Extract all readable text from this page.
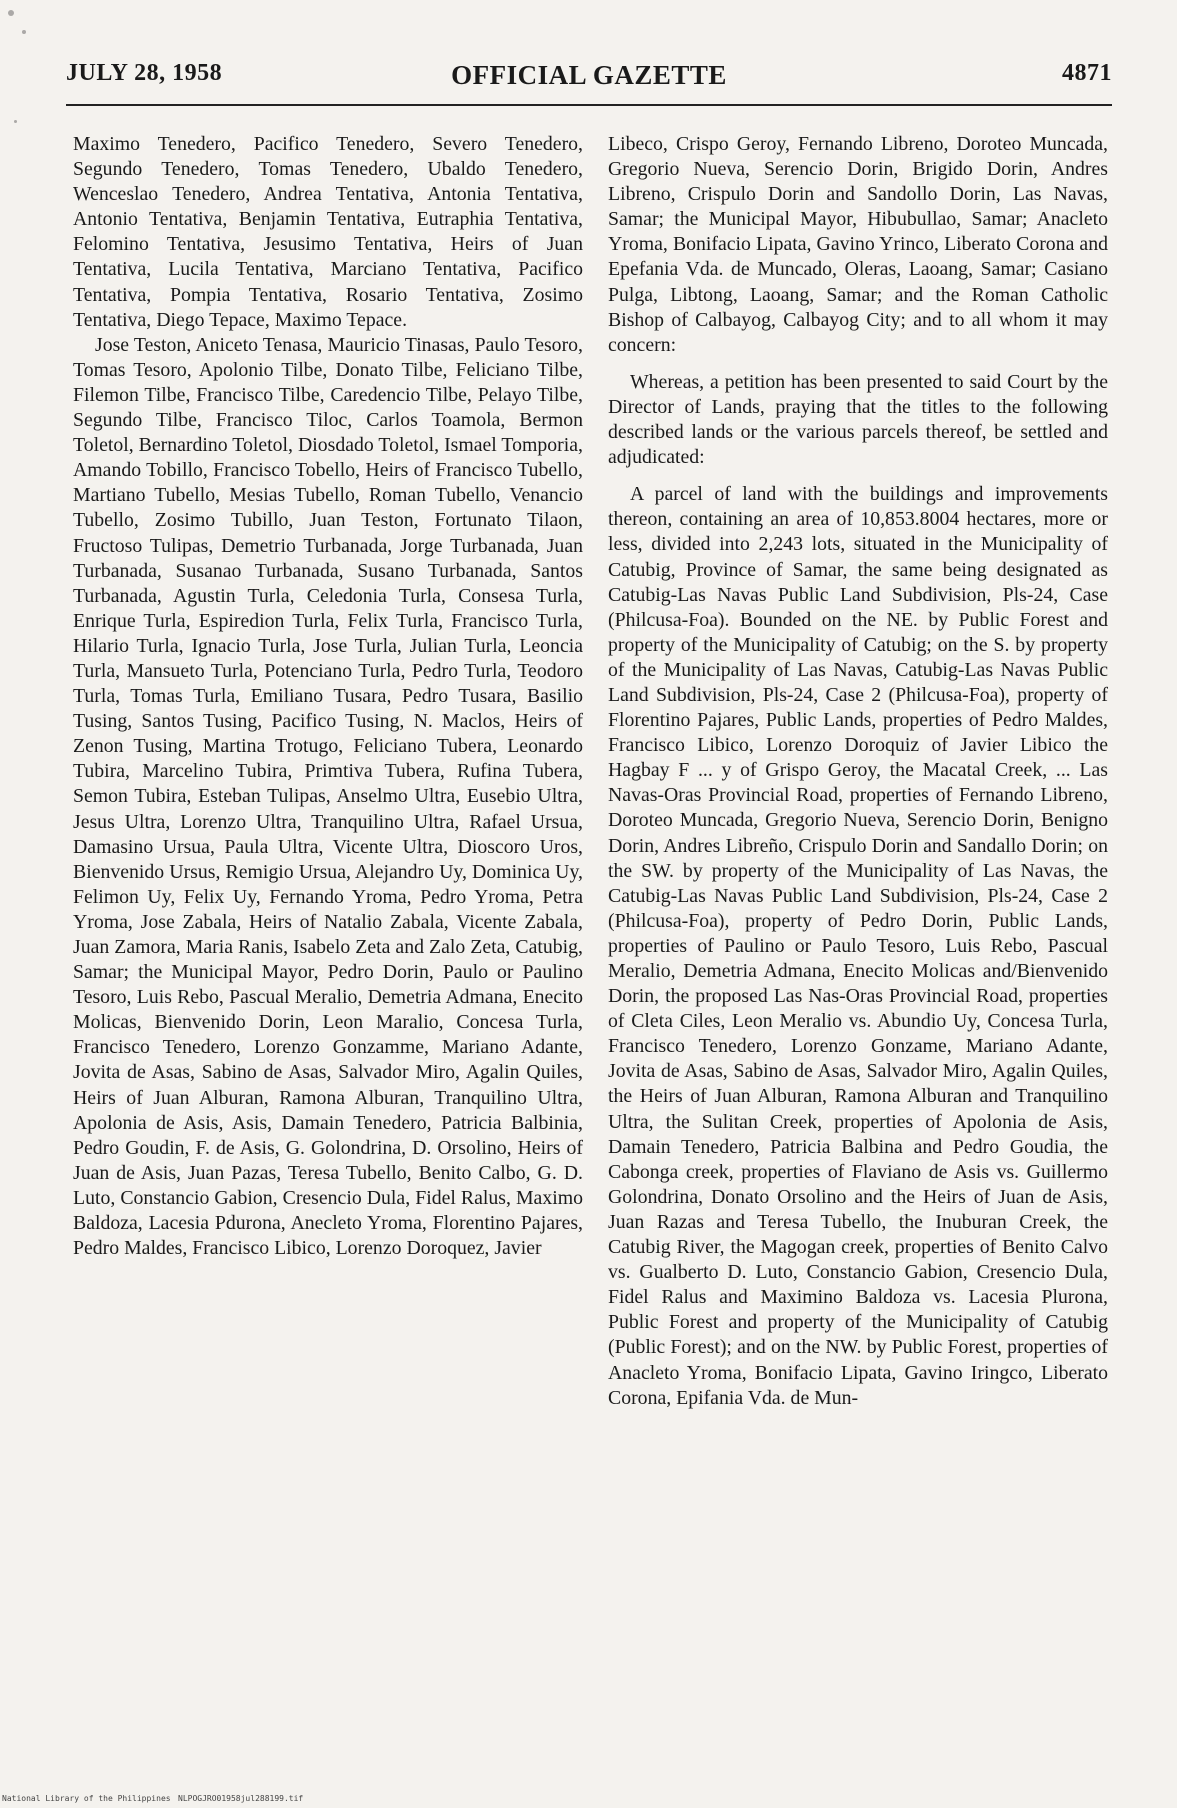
JULY 28, 1958	OFFICIAL GAZETTE	4871

Maximo Tenedero, Pacifico Tenedero, Severo Tenedero, Segundo Tenedero, Tomas Tenedero, Ubaldo Tenedero, Wenceslao Tenedero, Andrea Tentativa, Antonia Tentativa, Antonio Tentativa, Benjamin Tentativa, Eutraphia Tentativa, Felomino Tentativa, Jesusimo Tentativa, Heirs of Juan Tentativa, Lucila Tentativa, Marciano Tentativa, Pacifico Tentativa, Pompia Tentativa, Rosario Tentativa, Zosimo Tentativa, Diego Tepace, Maximo Tepace.

Jose Teston, Aniceto Tenasa, Mauricio Tinasas, Paulo Tesoro, Tomas Tesoro, Apolonio Tilbe, Donato Tilbe, Feliciano Tilbe, Filemon Tilbe, Francisco Tilbe, Caredencio Tilbe, Pelayo Tilbe, Segundo Tilbe, Francisco Tiloc, Carlos Toamola, Bermon Toletol, Bernardino Toletol, Diosdado Toletol, Ismael Tomporia, Amando Tobillo, Francisco Tobello, Heirs of Francisco Tubello, Martiano Tubello, Mesias Tubello, Roman Tubello, Venancio Tubello, Zosimo Tubillo, Juan Teston, Fortunato Tilaon, Fructoso Tulipas, Demetrio Turbanada, Jorge Turbanada, Juan Turbanada, Susanao Turbanada, Susano Turbanada, Santos Turbanada, Agustin Turla, Celedonia Turla, Consesa Turla, Enrique Turla, Espiredion Turla, Felix Turla, Francisco Turla, Hilario Turla, Ignacio Turla, Jose Turla, Julian Turla, Leoncia Turla, Mansueto Turla, Potenciano Turla, Pedro Turla, Teodoro Turla, Tomas Turla, Emiliano Tusara, Pedro Tusara, Basilio Tusing, Santos Tusing, Pacifico Tusing, N. Maclos, Heirs of Zenon Tusing, Martina Trotugo, Feliciano Tubera, Leonardo Tubira, Marcelino Tubira, Primtiva Tubera, Rufina Tubera, Semon Tubira, Esteban Tulipas, Anselmo Ultra, Eusebio Ultra, Jesus Ultra, Lorenzo Ultra, Tranquilino Ultra, Rafael Ursua, Damasino Ursua, Paula Ultra, Vicente Ultra, Dioscoro Uros, Bienvenido Ursus, Remigio Ursua, Alejandro Uy, Dominica Uy, Felimon Uy, Felix Uy, Fernando Yroma, Pedro Yroma, Petra Yroma, Jose Zabala, Heirs of Natalio Zabala, Vicente Zabala, Juan Zamora, Maria Ranis, Isabelo Zeta and Zalo Zeta, Catubig, Samar; the Municipal Mayor, Pedro Dorin, Paulo or Paulino Tesoro, Luis Rebo, Pascual Meralio, Demetria Admana, Enecito Molicas, Bienvenido Dorin, Leon Maralio, Concesa Turla, Francisco Tenedero, Lorenzo Gonzamme, Mariano Adante, Jovita de Asas, Sabino de Asas, Salvador Miro, Agalin Quiles, Heirs of Juan Alburan, Ramona Alburan, Tranquilino Ultra, Apolonia de Asis, Asis, Damain Tenedero, Patricia Balbinia, Pedro Goudin, F. de Asis, G. Golondrina, D. Orsolino, Heirs of Juan de Asis, Juan Pazas, Teresa Tubello, Benito Calbo, G. D. Luto, Constancio Gabion, Cresencio Dula, Fidel Ralus, Maximo Baldoza, Lacesia Pdurona, Anecleto Yroma, Florentino Pajares, Pedro Maldes, Francisco Libico, Lorenzo Doroquez, Javier

Libeco, Crispo Geroy, Fernando Libreno, Doroteo Muncada, Gregorio Nueva, Serencio Dorin, Brigido Dorin, Andres Libreno, Crispulo Dorin and Sandollo Dorin, Las Navas, Samar; the Municipal Mayor, Hibubullao, Samar; Anacleto Yroma, Bonifacio Lipata, Gavino Yrinco, Liberato Corona and Epefania Vda. de Muncado, Oleras, Laoang, Samar; Casiano Pulga, Libtong, Laoang, Samar; and the Roman Catholic Bishop of Calbayog, Calbayog City; and to all whom it may concern:

Whereas, a petition has been presented to said Court by the Director of Lands, praying that the titles to the following described lands or the various parcels thereof, be settled and adjudicated:

A parcel of land with the buildings and improvements thereon, containing an area of 10,853.8004 hectares, more or less, divided into 2,243 lots, situated in the Municipality of Catubig, Province of Samar, the same being designated as Catubig-Las Navas Public Land Subdivision, Pls-24, Case (Philcusa-Foa). Bounded on the NE. by Public Forest and property of the Municipality of Catubig; on the S. by property of the Municipality of Las Navas, Catubig-Las Navas Public Land Subdivision, Pls-24, Case 2 (Philcusa-Foa), property of Florentino Pajares, Public Lands, properties of Pedro Maldes, Francisco Libico, Lorenzo Doroquiz of Javier Libico the Hagbay F ... y of Grispo Geroy, the Macatal Creek, ... Las Navas-Oras Provincial Road, properties of Fernando Libreno, Doroteo Muncada, Gregorio Nueva, Serencio Dorin, Benigno Dorin, Andres Libreño, Crispulo Dorin and Sandallo Dorin; on the SW. by property of the Municipality of Las Navas, the Catubig-Las Navas Public Land Subdivision, Pls-24, Case 2 (Philcusa-Foa), property of Pedro Dorin, Public Lands, properties of Paulino or Paulo Tesoro, Luis Rebo, Pascual Meralio, Demetria Admana, Enecito Molicas and/Bienvenido Dorin, the proposed Las Nas-Oras Provincial Road, properties of Cleta Ciles, Leon Meralio vs. Abundio Uy, Concesa Turla, Francisco Tenedero, Lorenzo Gonzame, Mariano Adante, Jovita de Asas, Sabino de Asas, Salvador Miro, Agalin Quiles, the Heirs of Juan Alburan, Ramona Alburan and Tranquilino Ultra, the Sulitan Creek, properties of Apolonia de Asis, Damain Tenedero, Patricia Balbina and Pedro Goudia, the Cabonga creek, properties of Flaviano de Asis vs. Guillermo Golondrina, Donato Orsolino and the Heirs of Juan de Asis, Juan Razas and Teresa Tubello, the Inuburan Creek, the Catubig River, the Magogan creek, properties of Benito Calvo vs. Gualberto D. Luto, Constancio Gabion, Cresencio Dula, Fidel Ralus and Maximino Baldoza vs. Lacesia Plurona, Public Forest and property of the Municipality of Catubig (Public Forest); and on the NW. by Public Forest, properties of Anacleto Yroma, Bonifacio Lipata, Gavino Iringco, Liberato Corona, Epifania Vda. de Mun-

National Library of the Philippines NLPOGJRO01958jul288199.tif
